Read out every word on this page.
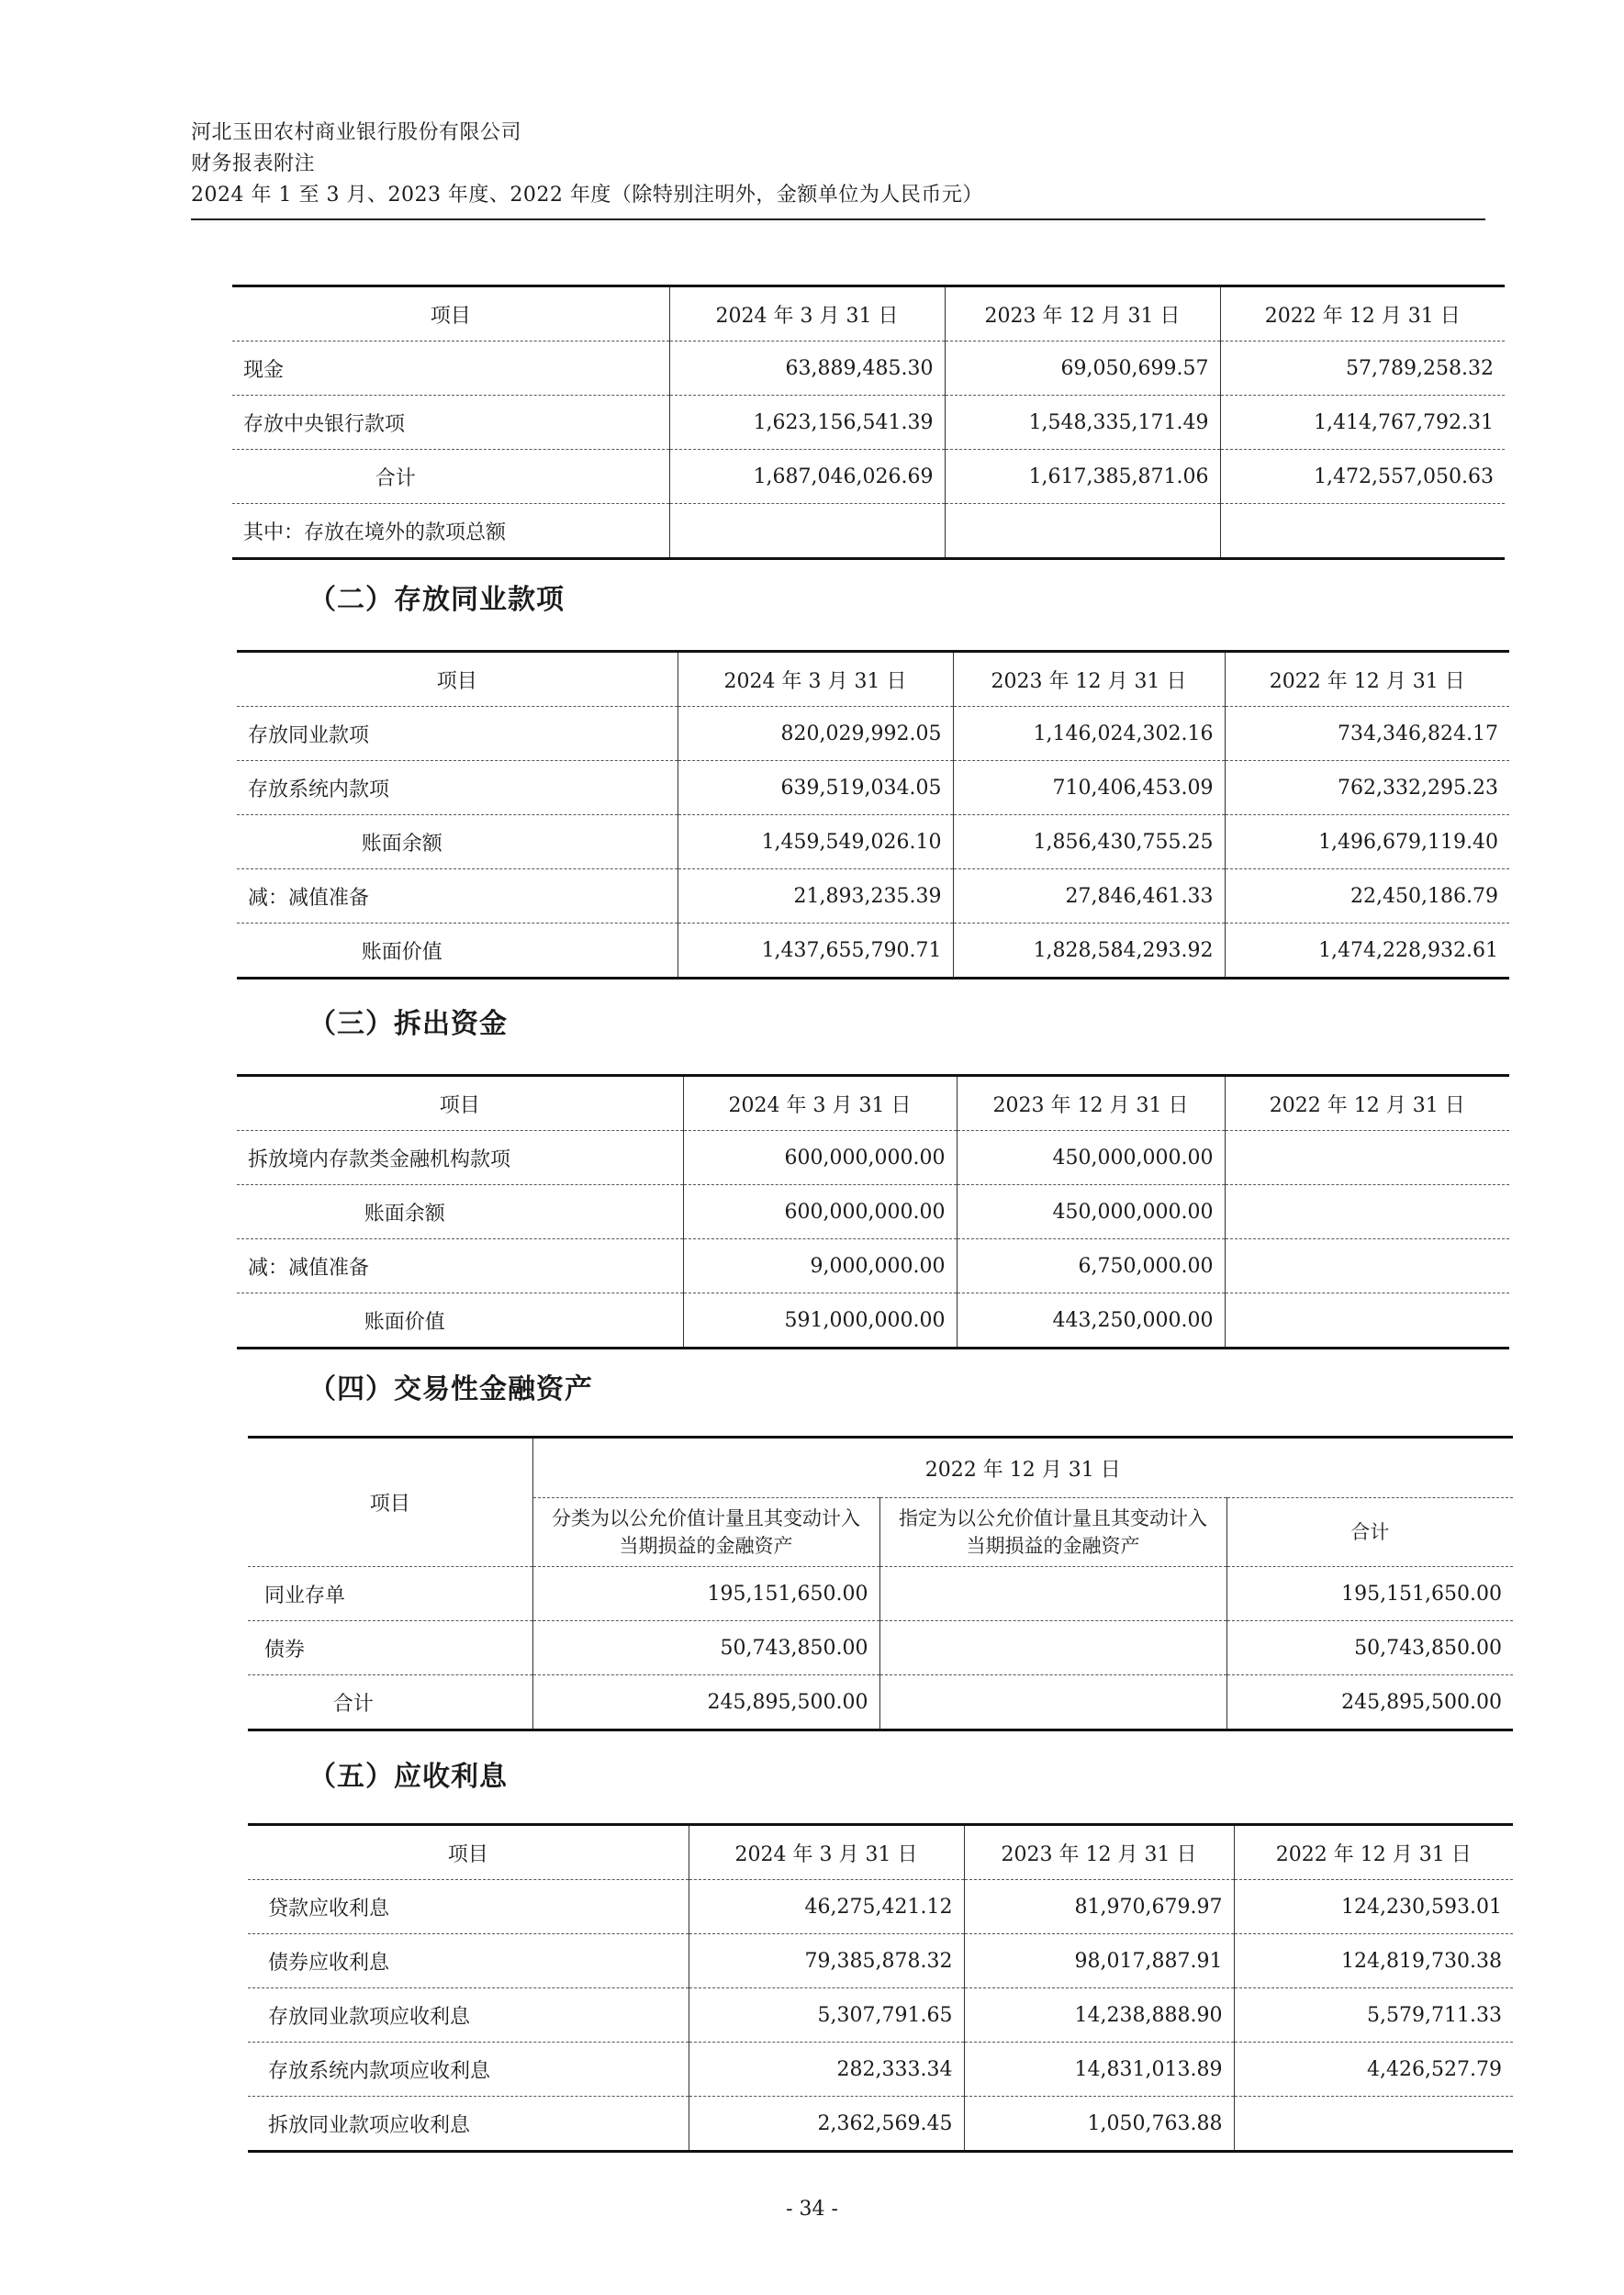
河北玉田农村商业银行股份有限公司
财务报表附注
2024 年 1 至 3 月、2023 年度、2022 年度（除特别注明外，金额单位为人民币元）
项目	2024 年 3 月 31 日	2023 年 12 月 31 日	2022 年 12 月 31 日
现金	63,889,485.30	69,050,699.57	57,789,258.32
存放中央银行款项	1,623,156,541.39	1,548,335,171.49	1,414,767,792.31
合计	1,687,046,026.69	1,617,385,871.06	1,472,557,050.63
其中：存放在境外的款项总额			
（二）存放同业款项
项目	2024 年 3 月 31 日	2023 年 12 月 31 日	2022 年 12 月 31 日
存放同业款项	820,029,992.05	1,146,024,302.16	734,346,824.17
存放系统内款项	639,519,034.05	710,406,453.09	762,332,295.23
账面余额	1,459,549,026.10	1,856,430,755.25	1,496,679,119.40
减：减值准备	21,893,235.39	27,846,461.33	22,450,186.79
账面价值	1,437,655,790.71	1,828,584,293.92	1,474,228,932.61
（三）拆出资金
项目	2024 年 3 月 31 日	2023 年 12 月 31 日	2022 年 12 月 31 日
拆放境内存款类金融机构款项	600,000,000.00	450,000,000.00	
账面余额	600,000,000.00	450,000,000.00	
减：减值准备	9,000,000.00	6,750,000.00	
账面价值	591,000,000.00	443,250,000.00	
（四）交易性金融资产
项目	2022 年 12 月 31 日		
	分类为以公允价值计量且其变动计入当期损益的金融资产	指定为以公允价值计量且其变动计入当期损益的金融资产	合计
同业存单	195,151,650.00		195,151,650.00
债券	50,743,850.00		50,743,850.00
合计	245,895,500.00		245,895,500.00
（五）应收利息
项目	2024 年 3 月 31 日	2023 年 12 月 31 日	2022 年 12 月 31 日
贷款应收利息	46,275,421.12	81,970,679.97	124,230,593.01
债券应收利息	79,385,878.32	98,017,887.91	124,819,730.38
存放同业款项应收利息	5,307,791.65	14,238,888.90	5,579,711.33
存放系统内款项应收利息	282,333.34	14,831,013.89	4,426,527.79
拆放同业款项应收利息	2,362,569.45	1,050,763.88	
- 34 -
